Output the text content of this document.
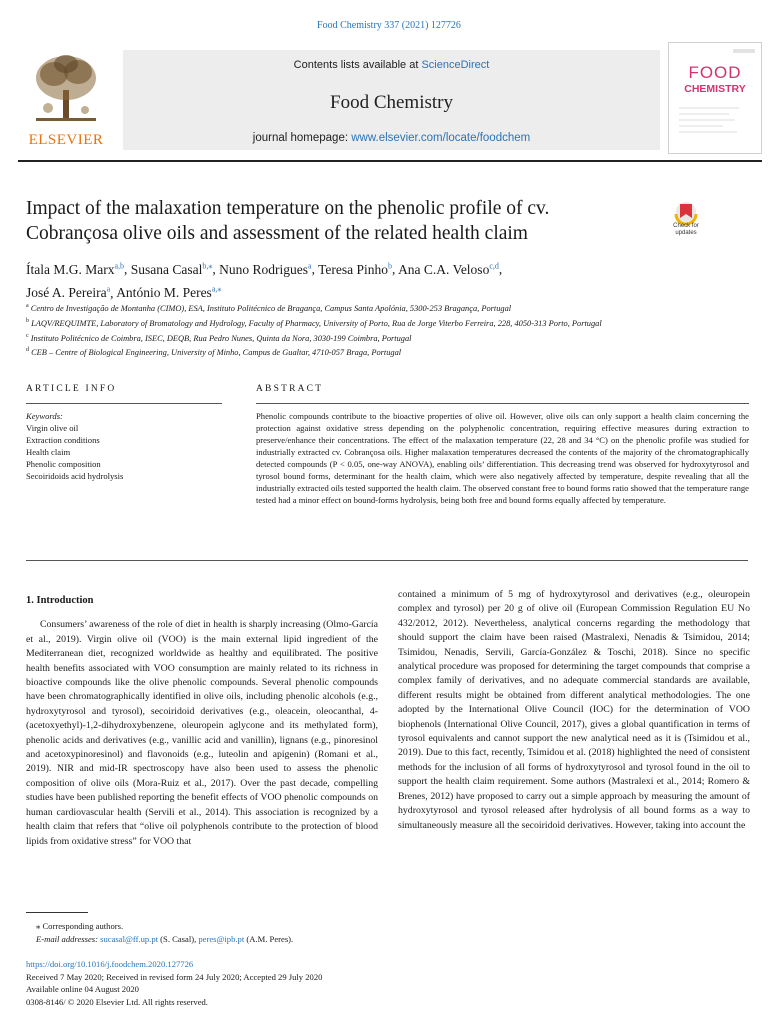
Food Chemistry 337 (2021) 127726
ELSEVIER
Contents lists available at ScienceDirect
Food Chemistry
journal homepage: www.elsevier.com/locate/foodchem
FOOD
CHEMISTRY
Impact of the malaxation temperature on the phenolic profile of cv. Cobrançosa olive oils and assessment of the related health claim	Check for
updates
Ítala M.G. Marx$^{a,b}$, Susana Casal$^{b,⁎}$, Nuno Rodrigues$^a$, Teresa Pinho$^b$, Ana C.A. Veloso$^{c,d}$,
José A. Pereira$^a$, António M. Peres$^{a,⁎}$
$^a$ Centro de Investigação de Montanha (CIMO), ESA, Instituto Politécnico de Bragança, Campus Santa Apolónia, 5300-253 Bragança, Portugal
$^b$ LAQV/REQUIMTE, Laboratory of Bromatology and Hydrology, Faculty of Pharmacy, University of Porto, Rua de Jorge Viterbo Ferreira, 228, 4050-313 Porto, Portugal
$^c$ Instituto Politécnico de Coimbra, ISEC, DEQB, Rua Pedro Nunes, Quinta da Nora, 3030-199 Coimbra, Portugal
$^d$ CEB – Centre of Biological Engineering, University of Minho, Campus de Gualtar, 4710-057 Braga, Portugal
ARTICLE INFO	ABSTRACT
Keywords:
Virgin olive oil
Extraction conditions
Health claim
Phenolic composition
Secoiridoids acid hydrolysis
Phenolic compounds contribute to the bioactive properties of olive oil. However, olive oils can only support a health claim concerning the protection against oxidative stress depending on the polyphenolic concentration, requiring effective measures during extraction to preserve/enhance their concentrations. The effect of the malaxation temperature (22, 28 and 34 °C) on the phenolic profile was studied for industrially extracted cv. Cobrançosa oils. Higher malaxation temperatures decreased the contents of the majority of the chromatographically detected compounds (P < 0.05, one-way ANOVA), enabling oils’ differentiation. This decreasing trend was observed for hydroxytyrosol and tyrosol bound forms, determinant for the health claim, which were also negatively affected by temperature, despite revealing that all the industrially extracted oils tested supported the health claim. The observed constant free to bound forms ratio showed that the temperature range tested had a minor effect on bound-forms hydrolysis, being both free and bound forms equally affected by temperature.
1. Introduction

Consumers’ awareness of the role of diet in health is sharply increasing (Olmo-García et al., 2019). Virgin olive oil (VOO) is the main external lipid ingredient of the Mediterranean diet, recognized worldwide as healthy and equilibrated. The positive health benefits associated with VOO consumption are mainly related to its richness in bioactive compounds like the olive phenolic compounds. Several phenolic compounds have been chromatographically identified in olive oils, including phenolic alcohols (e.g., hydroxytyrosol and tyrosol), secoiridoid derivatives (e.g., oleacein, oleocanthal, 4-(acetoxyethyl)-1,2-dihydroxybenzene, oleuropein aglycone and its methylated form), phenolic acids and derivatives (e.g., vanillic acid and vanillin), lignans (e.g., pinoresinol and acetoxypinoresinol) and flavonoids (e.g., luteolin and apigenin) (Romani et al., 2019). NIR and mid-IR spectroscopy have also been used to assess the phenolic composition of olive oils (Mora-Ruiz et al., 2017). Over the past decade, compelling studies have been published reporting the benefit effects of VOO phenolic compounds on human cardiovascular health (Servili et al., 2014). This association is recognized by a health claim that refers that “olive oil polyphenols contribute to the protection of blood lipids from oxidative stress” for VOO that

contained a minimum of 5 mg of hydroxytyrosol and derivatives (e.g., oleuropein complex and tyrosol) per 20 g of olive oil (European Commission Regulation EU No 432/2012, 2012). Nevertheless, analytical concerns regarding the methodology that should support the claim have been raised (Mastralexi, Nenadis & Tsimidou, 2014; Tsimidou, Nenadis, Servili, García-González & Toschi, 2018). Since no specific analytical procedure was proposed for determining the target compounds that comprise a complex family of derivatives, and no adequate commercial standards are available, different results might be obtained from different analytical methodologies. The one adopted by the International Olive Council (IOC) for the determination of VOO biophenols (International Olive Council, 2017), gives a global quantification in terms of tyrosol equivalents and cannot support the new analytical need as it is (Tsimidou et al., 2019). Due to this fact, recently, Tsimidou et al. (2018) highlighted the need of consistent methods for the inclusion of all forms of hydroxytyrosol and tyrosol found in the oil to support the health claim requirement. Some authors (Mastralexi et al., 2014; Romero & Brenes, 2012) have proposed to carry out a simple approach by measuring the amount of hydroxytyrosol and tyrosol released after hydrolysis of all bound forms as a way to simultaneously measure all the secoiridoid derivatives. However, taking into account the

⁎ Corresponding authors.
E-mail addresses: sucasal@ff.up.pt (S. Casal), peres@ipb.pt (A.M. Peres).
https://doi.org/10.1016/j.foodchem.2020.127726
Received 7 May 2020; Received in revised form 24 July 2020; Accepted 29 July 2020
Available online 04 August 2020
0308-8146/ © 2020 Elsevier Ltd. All rights reserved.
